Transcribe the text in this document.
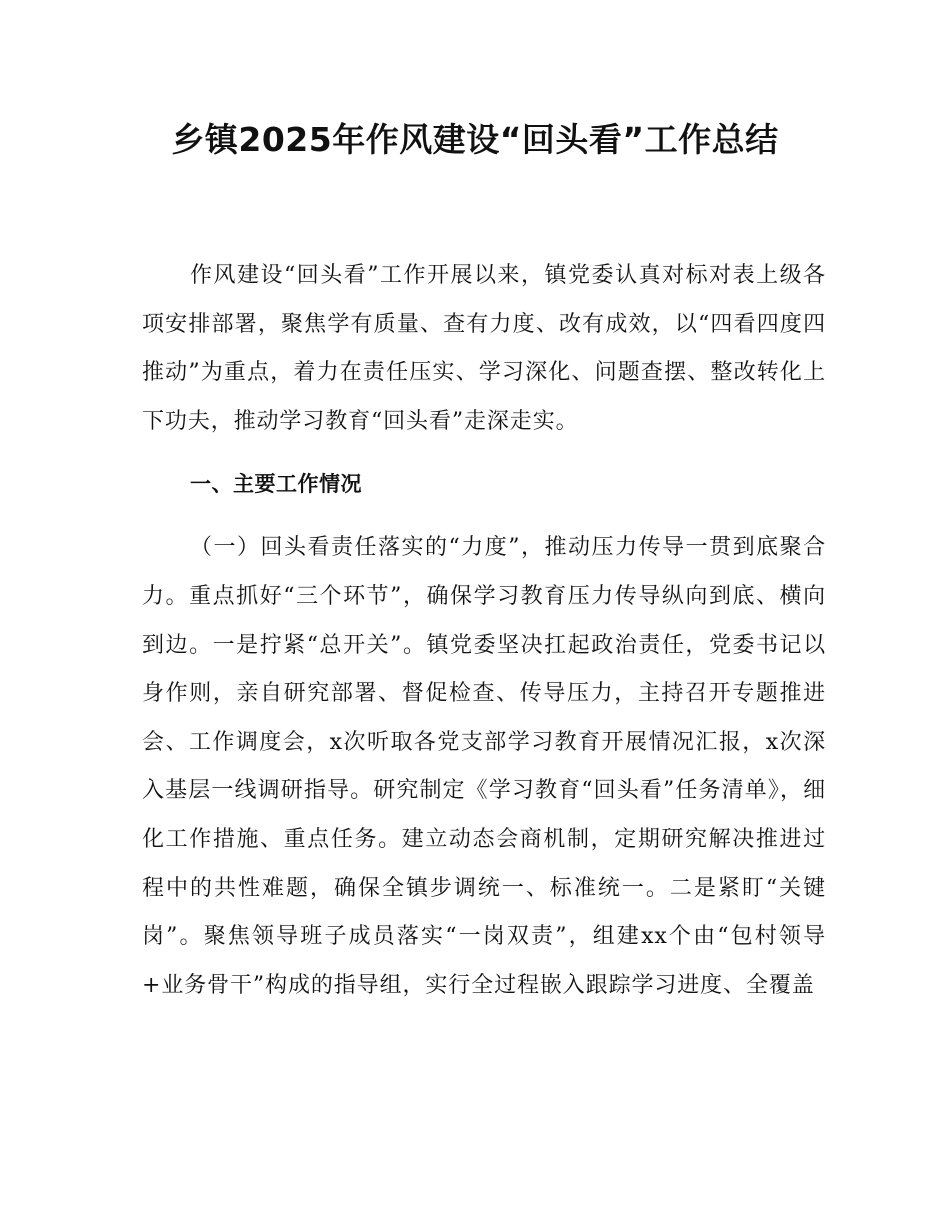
乡镇2025年作风建设“回头看”工作总结

作风建设“回头看”工作开展以来，镇党委认真对标对表上级各项安排部署，聚焦学有质量、查有力度、改有成效，以“四看四度四推动”为重点，着力在责任压实、学习深化、问题查摆、整改转化上下功夫，推动学习教育“回头看”走深走实。

一、主要工作情况

（一）回头看责任落实的“力度”，推动压力传导一贯到底聚合力。重点抓好“三个环节”，确保学习教育压力传导纵向到底、横向到边。一是拧紧“总开关”。镇党委坚决扛起政治责任，党委书记以身作则，亲自研究部署、督促检查、传导压力，主持召开专题推进会、工作调度会，x次听取各党支部学习教育开展情况汇报，x次深入基层一线调研指导。研究制定《学习教育“回头看”任务清单》，细化工作措施、重点任务。建立动态会商机制，定期研究解决推进过程中的共性难题，确保全镇步调统一、标准统一。二是紧盯“关键岗”。聚焦领导班子成员落实“一岗双责”，组建xx个由“包村领导+业务骨干”构成的指导组，实行全过程嵌入跟踪学习进度、全覆盖
